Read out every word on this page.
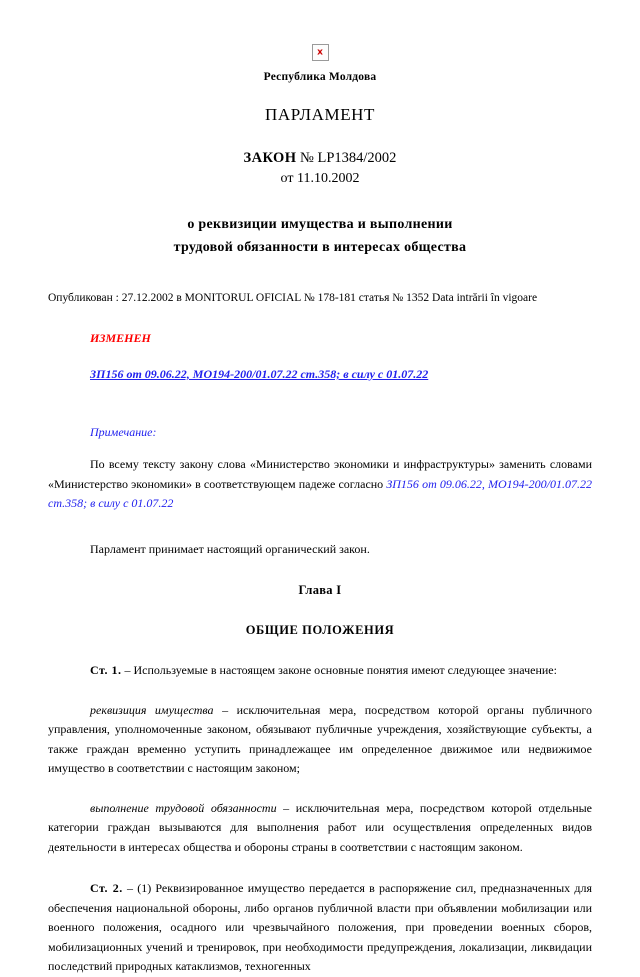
x
Республика Молдова
ПАРЛАМЕНТ
ЗАКОН № LP1384/2002
от 11.10.2002
о реквизиции имущества и выполнении
трудовой обязанности в интересах общества
Опубликован : 27.12.2002 в MONITORUL OFICIAL № 178-181 статья № 1352 Data intrării în vigoare
ИЗМЕНЕН
ЗП156 от 09.06.22, МО194-200/01.07.22 ст.358; в силу с 01.07.22
Примечание:
По всему тексту закону слова «Министерство экономики и инфраструктуры» заменить словами «Министерство экономики» в соответствующем падеже согласно ЗП156 от 09.06.22, МО194-200/01.07.22 ст.358; в силу с 01.07.22
Парламент принимает настоящий органический закон.
Глава I
ОБЩИЕ ПОЛОЖЕНИЯ
Ст. 1. – Используемые в настоящем законе основные понятия имеют следующее значение:
реквизиция имущества – исключительная мера, посредством которой органы публичного управления, уполномоченные законом, обязывают публичные учреждения, хозяйствующие субъекты, а также граждан временно уступить принадлежащее им определенное движимое или недвижимое имущество в соответствии с настоящим законом;
выполнение трудовой обязанности – исключительная мера, посредством которой отдельные категории граждан вызываются для выполнения работ или осуществления определенных видов деятельности в интересах общества и обороны страны в соответствии с настоящим законом.
Ст. 2. – (1) Реквизированное имущество передается в распоряжение сил, предназначенных для обеспечения национальной обороны, либо органов публичной власти при объявлении мобилизации или военного положения, осадного или чрезвычайного положения, при проведении военных сборов, мобилизационных учений и тренировок, при необходимости предупреждения, локализации, ликвидации последствий природных катаклизмов, техногенных
